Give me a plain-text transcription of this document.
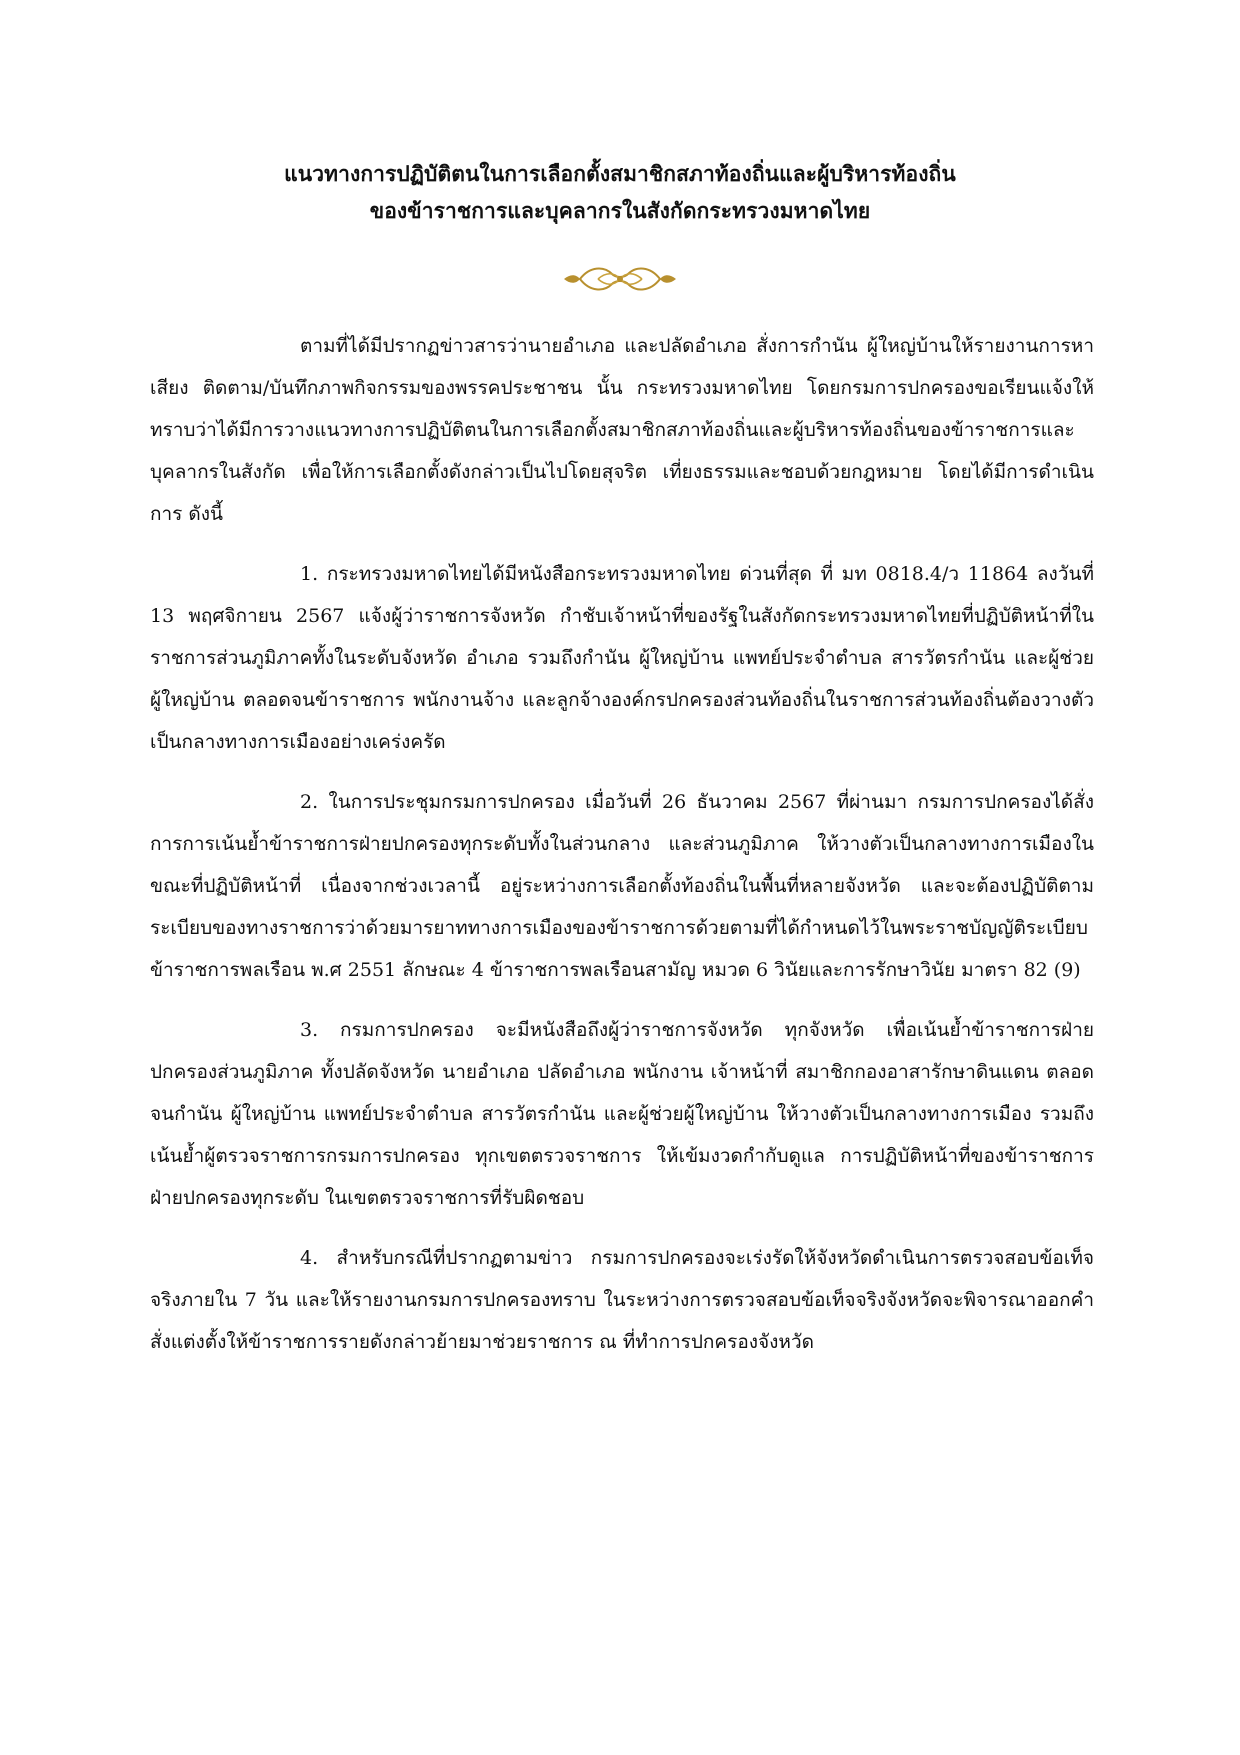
แนวทางการปฏิบัติตนในการเลือกตั้งสมาชิกสภาท้องถิ่นและผู้บริหารท้องถิ่น
ของข้าราชการและบุคลากรในสังกัดกระทรวงมหาดไทย

ตามที่ได้มีปรากฏข่าวสารว่านายอำเภอ และปลัดอำเภอ สั่งการกำนัน ผู้ใหญ่บ้านให้รายงานการหาเสียง ติดตาม/บันทึกภาพกิจกรรมของพรรคประชาชน นั้น กระทรวงมหาดไทย โดยกรมการปกครองขอเรียนแจ้งให้ทราบว่าได้มีการวางแนวทางการปฏิบัติตนในการเลือกตั้งสมาชิกสภาท้องถิ่นและผู้บริหารท้องถิ่นของข้าราชการและบุคลากรในสังกัด เพื่อให้การเลือกตั้งดังกล่าวเป็นไปโดยสุจริต เที่ยงธรรมและชอบด้วยกฎหมาย โดยได้มีการดำเนินการ ดังนี้

1. กระทรวงมหาดไทยได้มีหนังสือกระทรวงมหาดไทย ด่วนที่สุด ที่ มท 0818.4/ว 11864 ลงวันที่ 13 พฤศจิกายน 2567 แจ้งผู้ว่าราชการจังหวัด กำชับเจ้าหน้าที่ของรัฐในสังกัดกระทรวงมหาดไทยที่ปฏิบัติหน้าที่ในราชการส่วนภูมิภาคทั้งในระดับจังหวัด อำเภอ รวมถึงกำนัน ผู้ใหญ่บ้าน แพทย์ประจำตำบล สารวัตรกำนัน และผู้ช่วยผู้ใหญ่บ้าน ตลอดจนข้าราชการ พนักงานจ้าง และลูกจ้างองค์กรปกครองส่วนท้องถิ่นในราชการส่วนท้องถิ่นต้องวางตัวเป็นกลางทางการเมืองอย่างเคร่งครัด

2. ในการประชุมกรมการปกครอง เมื่อวันที่ 26 ธันวาคม 2567 ที่ผ่านมา กรมการปกครองได้สั่งการการเน้นย้ำข้าราชการฝ่ายปกครองทุกระดับทั้งในส่วนกลาง และส่วนภูมิภาค ให้วางตัวเป็นกลางทางการเมืองในขณะที่ปฏิบัติหน้าที่ เนื่องจากช่วงเวลานี้ อยู่ระหว่างการเลือกตั้งท้องถิ่นในพื้นที่หลายจังหวัด และจะต้องปฏิบัติตามระเบียบของทางราชการว่าด้วยมารยาททางการเมืองของข้าราชการด้วยตามที่ได้กำหนดไว้ในพระราชบัญญัติระเบียบข้าราชการพลเรือน พ.ศ 2551 ลักษณะ 4 ข้าราชการพลเรือนสามัญ หมวด 6 วินัยและการรักษาวินัย มาตรา 82 (9)

3. กรมการปกครอง จะมีหนังสือถึงผู้ว่าราชการจังหวัด ทุกจังหวัด เพื่อเน้นย้ำข้าราชการฝ่ายปกครองส่วนภูมิภาค ทั้งปลัดจังหวัด นายอำเภอ ปลัดอำเภอ พนักงาน เจ้าหน้าที่ สมาชิกกองอาสารักษาดินแดน ตลอดจนกำนัน ผู้ใหญ่บ้าน แพทย์ประจำตำบล สารวัตรกำนัน และผู้ช่วยผู้ใหญ่บ้าน ให้วางตัวเป็นกลางทางการเมือง รวมถึงเน้นย้ำผู้ตรวจราชการกรมการปกครอง ทุกเขตตรวจราชการ ให้เข้มงวดกำกับดูแล การปฏิบัติหน้าที่ของข้าราชการฝ่ายปกครองทุกระดับ ในเขตตรวจราชการที่รับผิดชอบ

4. สำหรับกรณีที่ปรากฏตามข่าว กรมการปกครองจะเร่งรัดให้จังหวัดดำเนินการตรวจสอบข้อเท็จจริงภายใน 7 วัน และให้รายงานกรมการปกครองทราบ ในระหว่างการตรวจสอบข้อเท็จจริงจังหวัดจะพิจารณาออกคำสั่งแต่งตั้งให้ข้าราชการรายดังกล่าวย้ายมาช่วยราชการ ณ ที่ทำการปกครองจังหวัด
